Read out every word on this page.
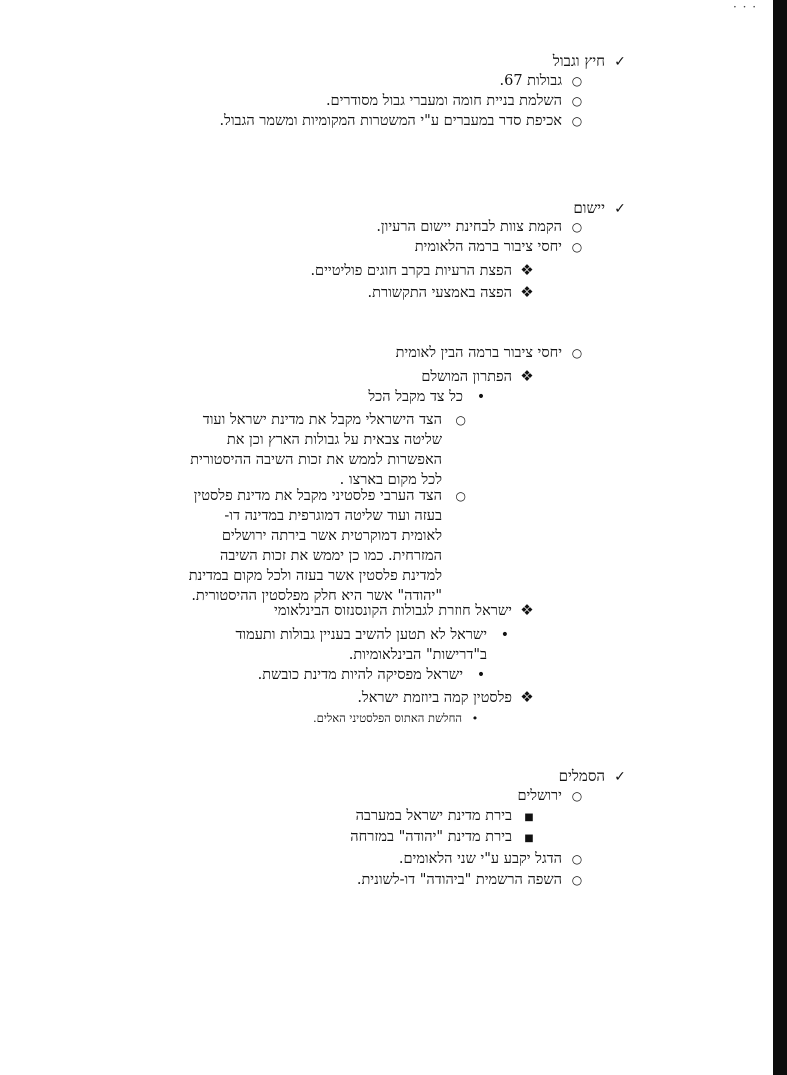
· · ·
✓חיץ וגבול
○גבולות 67.
○השלמת בניית חומה ומעברי גבול מסודרים.
○אכיפת סדר במעברים ע"י המשטרות המקומיות ומשמר הגבול.
✓יישום
○הקמת צוות לבחינת יישום הרעיון.
○יחסי ציבור ברמה הלאומית
❖הפצת הרעיות בקרב חוגים פוליטיים.
❖הפצה באמצעי התקשורת.
○יחסי ציבור ברמה הבין לאומית
❖הפתרון המושלם
•כל צד מקבל הכל
○
הצד הישראלי מקבל את מדינת ישראל ועוד
שליטה צבאית על גבולות הארץ וכן את
האפשרות לממש את זכות השיבה ההיסטורית
לכל מקום בארצו .
○
הצד הערבי פלסטיני מקבל את מדינת פלסטין
בעזה ועוד שליטה דמוגרפית במדינה דו-
לאומית דמוקרטית אשר בירתה ירושלים
המזרחית. כמו כן יממש את זכות השיבה
למדינת פלסטין אשר בעזה ולכל מקום במדינת
"יהודה" אשר היא חלק מפלסטין ההיסטורית.
❖ישראל חוזרת לגבולות הקונסנזוס הבינלאומי
•
ישראל לא תטען להשיב בעניין גבולות ותעמוד
ב"דרישות" הבינלאומיות.
•ישראל מפסיקה להיות מדינת כובשת.
❖פלסטין קמה ביוזמת ישראל.
•החלשת האתוס הפלסטיני האלים.
✓הסמלים
○ירושלים
■בירת מדינת ישראל במערבה
■בירת מדינת "יהודה" במזרחה
○הדגל יקבע ע"י שני הלאומים.
○השפה הרשמית "ביהודה" דו-לשונית.
